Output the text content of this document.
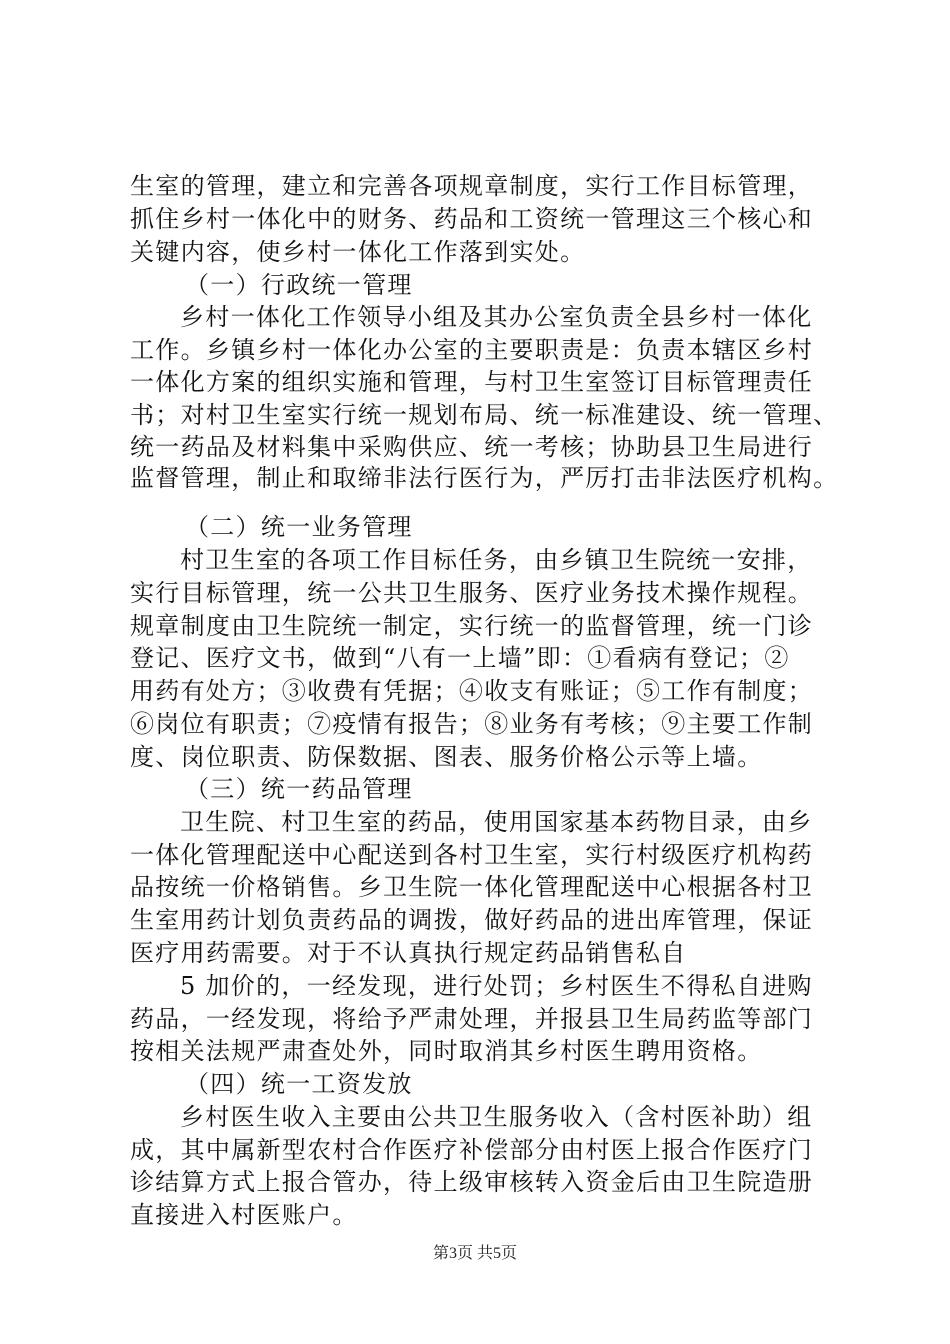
生室的管理，建立和完善各项规章制度，实行工作目标管理，
抓住乡村一体化中的财务、药品和工资统一管理这三个核心和
关键内容，使乡村一体化工作落到实处。
（一）行政统一管理
乡村一体化工作领导小组及其办公室负责全县乡村一体化
工作。乡镇乡村一体化办公室的主要职责是：负责本辖区乡村
一体化方案的组织实施和管理，与村卫生室签订目标管理责任
书；对村卫生室实行统一规划布局、统一标准建设、统一管理、
统一药品及材料集中采购供应、统一考核；协助县卫生局进行
监督管理，制止和取缔非法行医行为，严厉打击非法医疗机构。
（二）统一业务管理
村卫生室的各项工作目标任务，由乡镇卫生院统一安排，
实行目标管理，统一公共卫生服务、医疗业务技术操作规程。
规章制度由卫生院统一制定，实行统一的监督管理，统一门诊
登记、医疗文书，做到“八有一上墙”即：①看病有登记；②
用药有处方；③收费有凭据；④收支有账证；⑤工作有制度；
⑥岗位有职责；⑦疫情有报告；⑧业务有考核；⑨主要工作制
度、岗位职责、防保数据、图表、服务价格公示等上墙。
（三）统一药品管理
卫生院、村卫生室的药品，使用国家基本药物目录，由乡
一体化管理配送中心配送到各村卫生室，实行村级医疗机构药
品按统一价格销售。乡卫生院一体化管理配送中心根据各村卫
生室用药计划负责药品的调拨，做好药品的进出库管理，保证
医疗用药需要。对于不认真执行规定药品销售私自
5 加价的，一经发现，进行处罚；乡村医生不得私自进购
药品，一经发现，将给予严肃处理，并报县卫生局药监等部门
按相关法规严肃查处外，同时取消其乡村医生聘用资格。
（四）统一工资发放
乡村医生收入主要由公共卫生服务收入（含村医补助）组
成，其中属新型农村合作医疗补偿部分由村医上报合作医疗门
诊结算方式上报合管办，待上级审核转入资金后由卫生院造册
直接进入村医账户。
第3页 共5页
